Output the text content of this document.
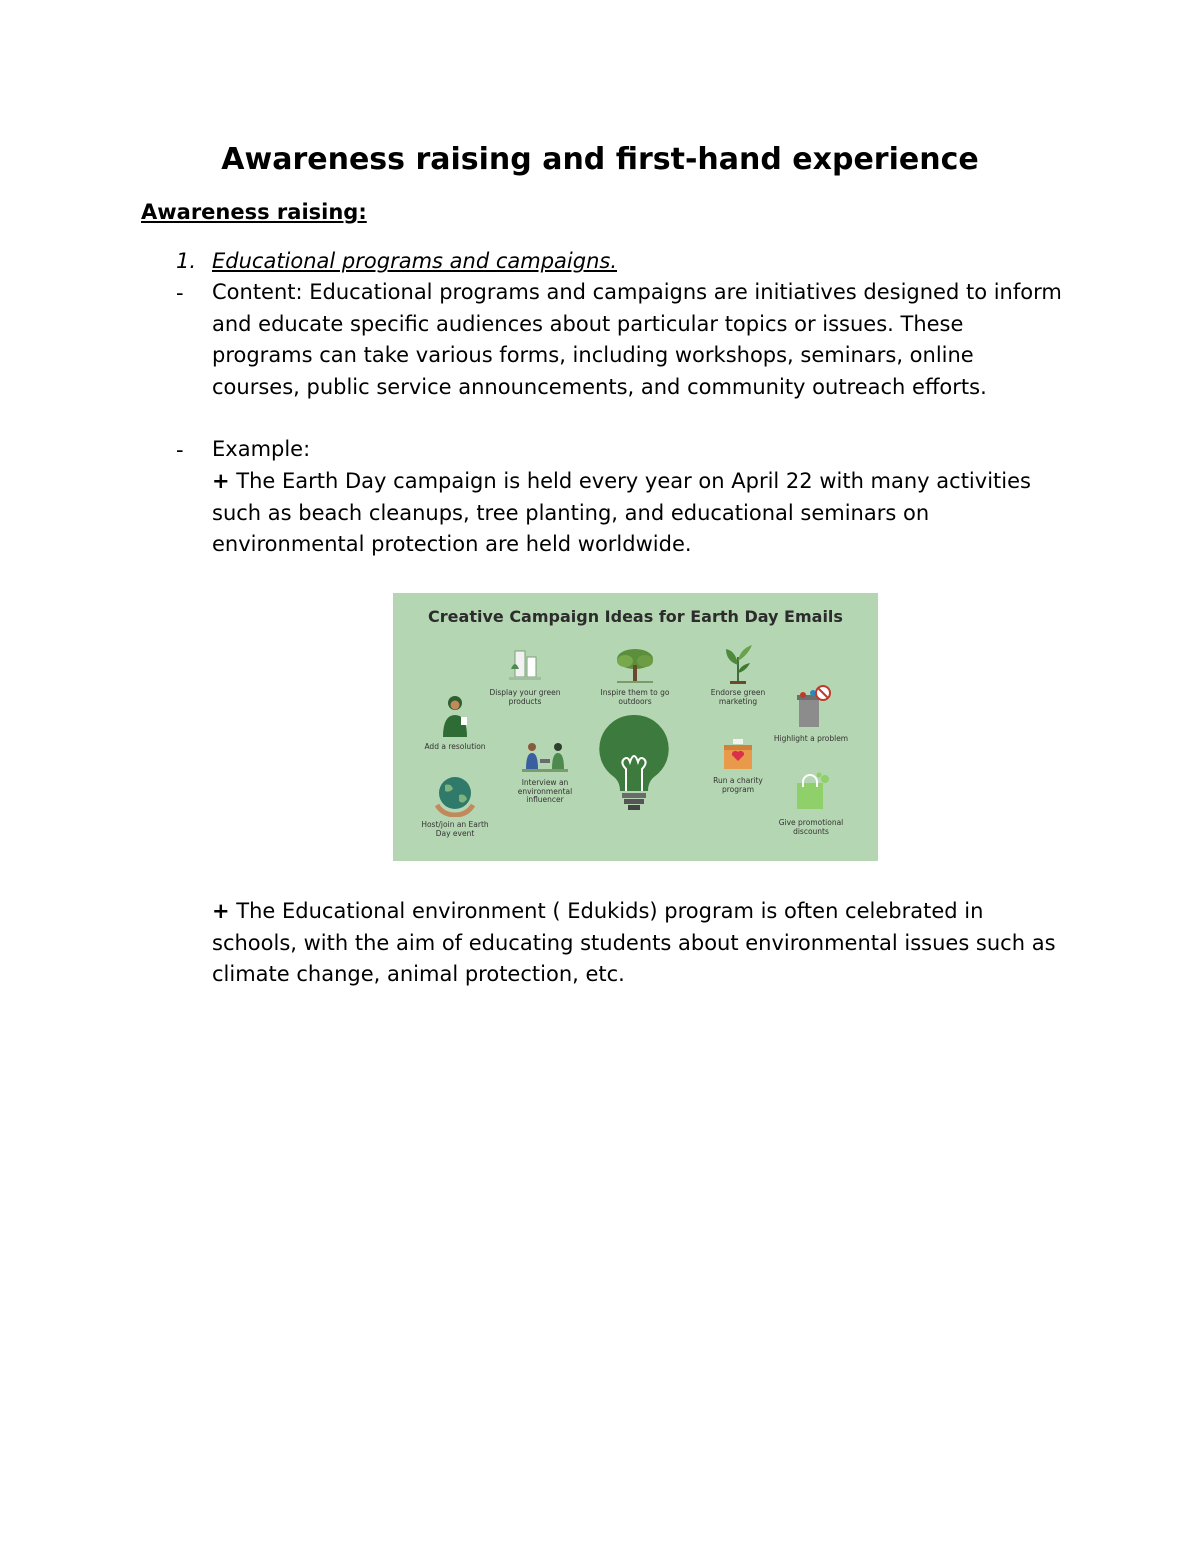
Awareness raising and first-hand experience
Awareness raising:
1. Educational programs and campaigns.
- Content: Educational programs and campaigns are initiatives designed to inform and educate specific audiences about particular topics or issues. These programs can take various forms, including workshops, seminars, online courses, public service announcements, and community outreach efforts.
- Example:
+ The Earth Day campaign is held every year on April 22 with many activities such as beach cleanups, tree planting, and educational seminars on environmental protection are held worldwide.
Creative Campaign Ideas for Earth Day Emails
Display your green products
Inspire them to go outdoors
Endorse green marketing
Add a resolution
Interview an environmental influencer
Highlight a problem
Run a charity program
Host/join an Earth Day event
Give promotional discounts
+ The Educational environment ( Edukids) program is often celebrated in schools, with the aim of educating students about environmental issues such as climate change, animal protection, etc.
